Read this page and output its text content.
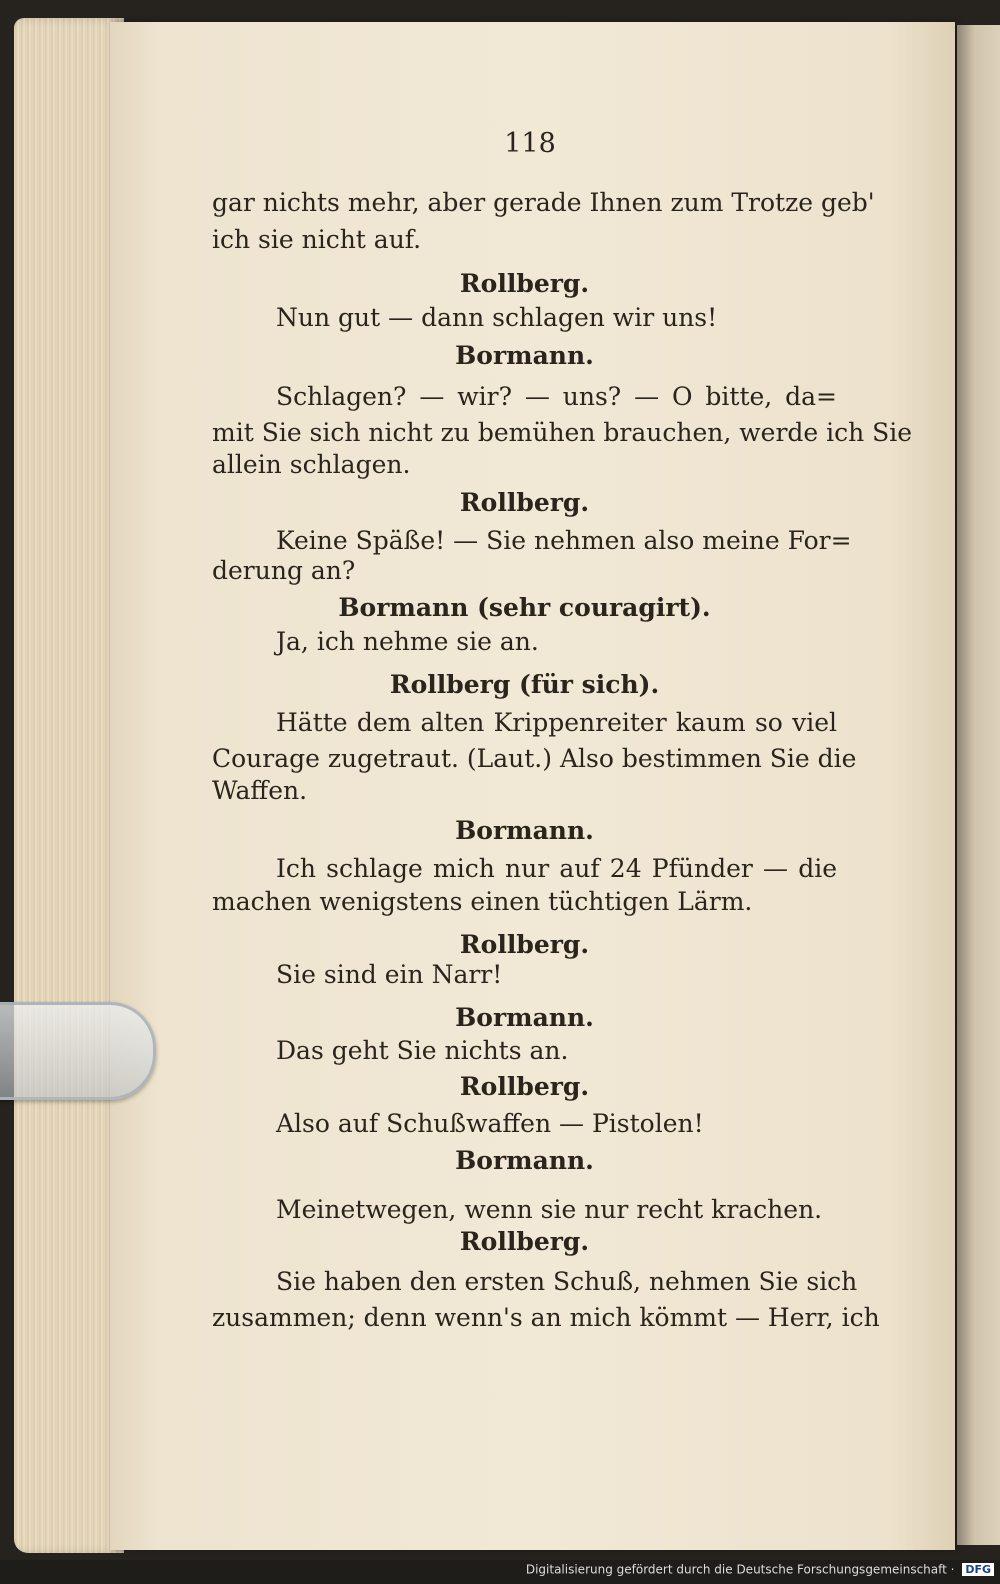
118
gar nichts mehr, aber gerade Ihnen zum Trotze geb'
ich sie nicht auf.
Rollberg.
Nun gut — dann schlagen wir uns!
Bormann.
Schlagen? — wir? — uns? — O bitte, da=
mit Sie sich nicht zu bemühen brauchen, werde ich Sie
allein schlagen.
Rollberg.
Keine Späße! — Sie nehmen also meine For=
derung an?
Bormann (sehr couragirt).
Ja, ich nehme sie an.
Rollberg (für sich).
Hätte dem alten Krippenreiter kaum so viel
Courage zugetraut. (Laut.) Also bestimmen Sie die
Waffen.
Bormann.
Ich schlage mich nur auf 24 Pfünder — die
machen wenigstens einen tüchtigen Lärm.
Rollberg.
Sie sind ein Narr!
Bormann.
Das geht Sie nichts an.
Rollberg.
Also auf Schußwaffen — Pistolen!
Bormann.
Meinetwegen, wenn sie nur recht krachen.
Rollberg.
Sie haben den ersten Schuß, nehmen Sie sich
zusammen; denn wenn's an mich kömmt — Herr, ich
Digitalisierung gefördert durch die Deutsche Forschungsgemeinschaft · DFG
